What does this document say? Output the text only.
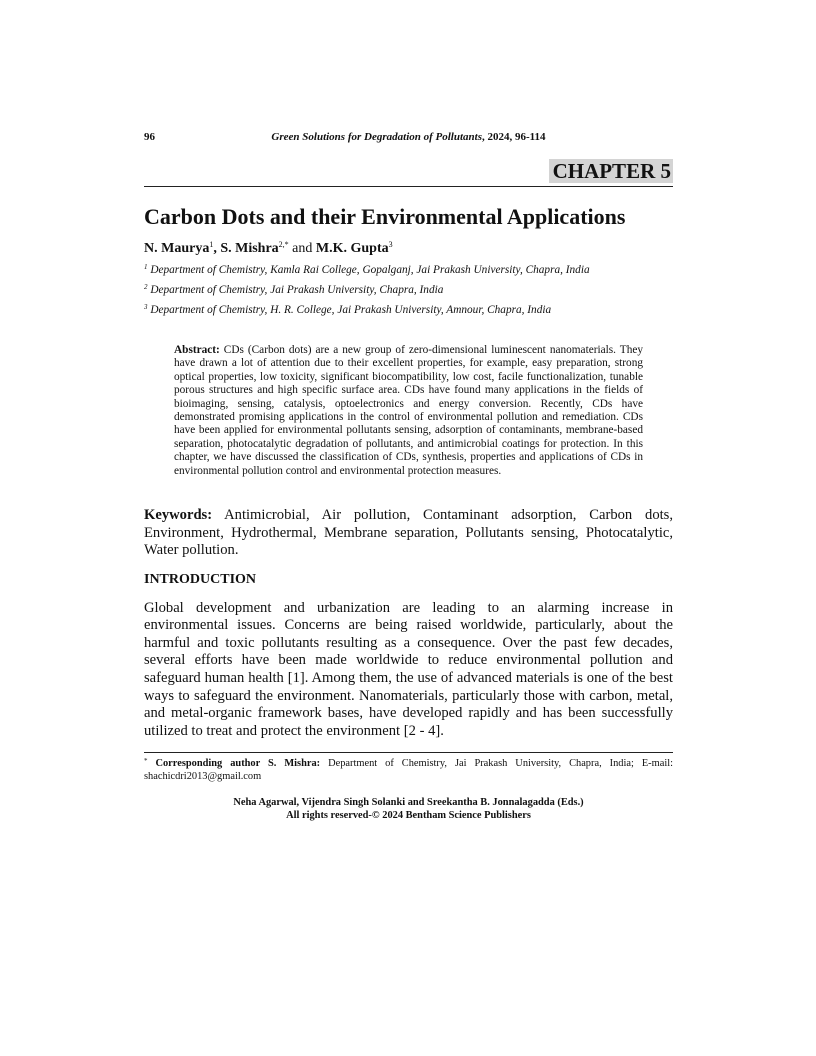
96	Green Solutions for Degradation of Pollutants, 2024, 96-114
CHAPTER 5
Carbon Dots and their Environmental Applications
N. Maurya$^1$, S. Mishra$^{2,*}$ and M.K. Gupta$^3$
$^1$ Department of Chemistry, Kamla Rai College, Gopalganj, Jai Prakash University, Chapra, India
$^2$ Department of Chemistry, Jai Prakash University, Chapra, India
$^3$ Department of Chemistry, H. R. College, Jai Prakash University, Amnour, Chapra, India
Abstract: CDs (Carbon dots) are a new group of zero-dimensional luminescent nanomaterials. They have drawn a lot of attention due to their excellent properties, for example, easy preparation, strong optical properties, low toxicity, significant biocompatibility, low cost, facile functionalization, tunable porous structures and high specific surface area. CDs have found many applications in the fields of bioimaging, sensing, catalysis, optoelectronics and energy conversion. Recently, CDs have demonstrated promising applications in the control of environmental pollution and remediation. CDs have been applied for environmental pollutants sensing, adsorption of contaminants, membrane-based separation, photocatalytic degradation of pollutants, and antimicrobial coatings for protection. In this chapter, we have discussed the classification of CDs, synthesis, properties and applications of CDs in environmental pollution control and environmental protection measures.
Keywords: Antimicrobial, Air pollution, Contaminant adsorption, Carbon dots, Environment, Hydrothermal, Membrane separation, Pollutants sensing, Photocatalytic, Water pollution.
INTRODUCTION

Global development and urbanization are leading to an alarming increase in environmental issues. Concerns are being raised worldwide, particularly, about the harmful and toxic pollutants resulting as a consequence. Over the past few decades, several efforts have been made worldwide to reduce environmental pollution and safeguard human health [1]. Among them, the use of advanced materials is one of the best ways to safeguard the environment. Nanomaterials, particularly those with carbon, metal, and metal-organic framework bases, have developed rapidly and has been successfully utilized to treat and protect the environment [2 - 4].

* Corresponding author S. Mishra: Department of Chemistry, Jai Prakash University, Chapra, India; E-mail: shachicdri2013@gmail.com
Neha Agarwal, Vijendra Singh Solanki and Sreekantha B. Jonnalagadda (Eds.)
All rights reserved-© 2024 Bentham Science Publishers
